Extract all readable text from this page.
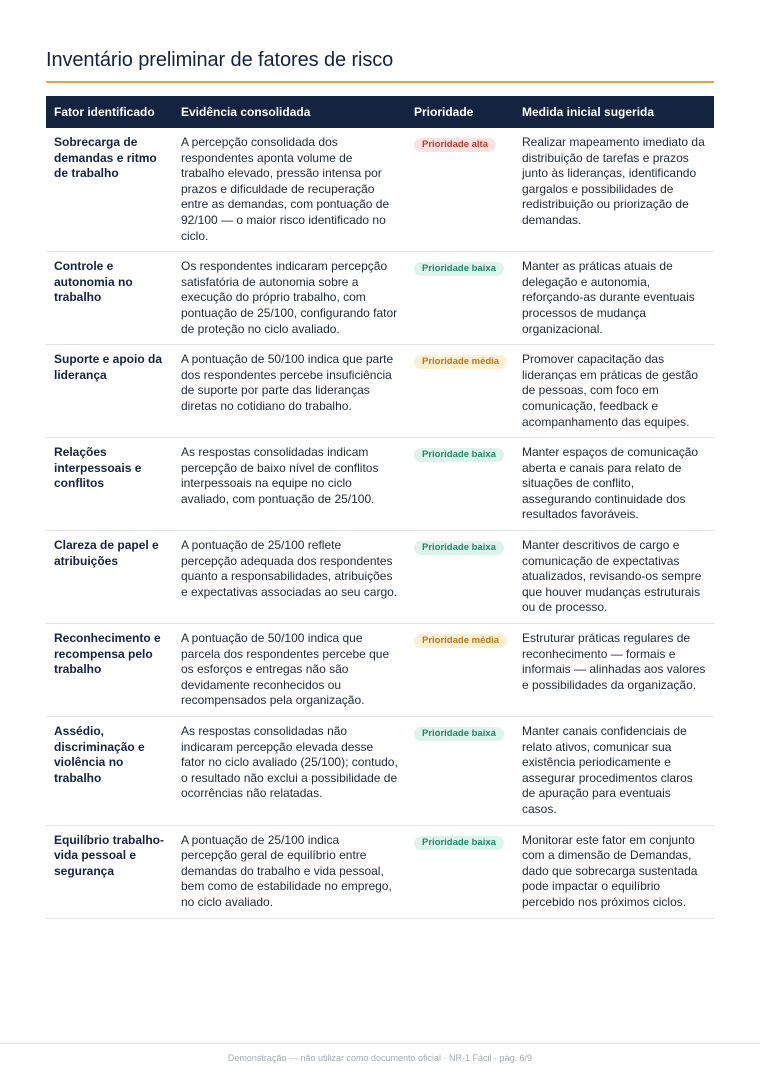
Inventário preliminar de fatores de risco
Fator identificado	Evidência consolidada	Prioridade	Medida inicial sugerida
Sobrecarga de demandas e ritmo de trabalho	A percepção consolidada dos respondentes aponta volume de trabalho elevado, pressão intensa por prazos e dificuldade de recuperação entre as demandas, com pontuação de 92/100 — o maior risco identificado no ciclo.	Prioridade alta	Realizar mapeamento imediato da distribuição de tarefas e prazos junto às lideranças, identificando gargalos e possibilidades de redistribuição ou priorização de demandas.
Controle e autonomia no trabalho	Os respondentes indicaram percepção satisfatória de autonomia sobre a execução do próprio trabalho, com pontuação de 25/100, configurando fator de proteção no ciclo avaliado.	Prioridade baixa	Manter as práticas atuais de delegação e autonomia, reforçando-as durante eventuais processos de mudança organizacional.
Suporte e apoio da liderança	A pontuação de 50/100 indica que parte dos respondentes percebe insuficiência de suporte por parte das lideranças diretas no cotidiano do trabalho.	Prioridade média	Promover capacitação das lideranças em práticas de gestão de pessoas, com foco em comunicação, feedback e acompanhamento das equipes.
Relações interpessoais e conflitos	As respostas consolidadas indicam percepção de baixo nível de conflitos interpessoais na equipe no ciclo avaliado, com pontuação de 25/100.	Prioridade baixa	Manter espaços de comunicação aberta e canais para relato de situações de conflito, assegurando continuidade dos resultados favoráveis.
Clareza de papel e atribuições	A pontuação de 25/100 reflete percepção adequada dos respondentes quanto a responsabilidades, atribuições e expectativas associadas ao seu cargo.	Prioridade baixa	Manter descritivos de cargo e comunicação de expectativas atualizados, revisando-os sempre que houver mudanças estruturais ou de processo.
Reconhecimento e recompensa pelo trabalho	A pontuação de 50/100 indica que parcela dos respondentes percebe que os esforços e entregas não são devidamente reconhecidos ou recompensados pela organização.	Prioridade média	Estruturar práticas regulares de reconhecimento — formais e informais — alinhadas aos valores e possibilidades da organização.
Assédio, discriminação e violência no trabalho	As respostas consolidadas não indicaram percepção elevada desse fator no ciclo avaliado (25/100); contudo, o resultado não exclui a possibilidade de ocorrências não relatadas.	Prioridade baixa	Manter canais confidenciais de relato ativos, comunicar sua existência periodicamente e assegurar procedimentos claros de apuração para eventuais casos.
Equilíbrio trabalho-vida pessoal e segurança	A pontuação de 25/100 indica percepção geral de equilíbrio entre demandas do trabalho e vida pessoal, bem como de estabilidade no emprego, no ciclo avaliado.	Prioridade baixa	Monitorar este fator em conjunto com a dimensão de Demandas, dado que sobrecarga sustentada pode impactar o equilíbrio percebido nos próximos ciclos.
Demonstração — não utilizar como documento oficial · NR-1 Fácil · pág. 6/9
